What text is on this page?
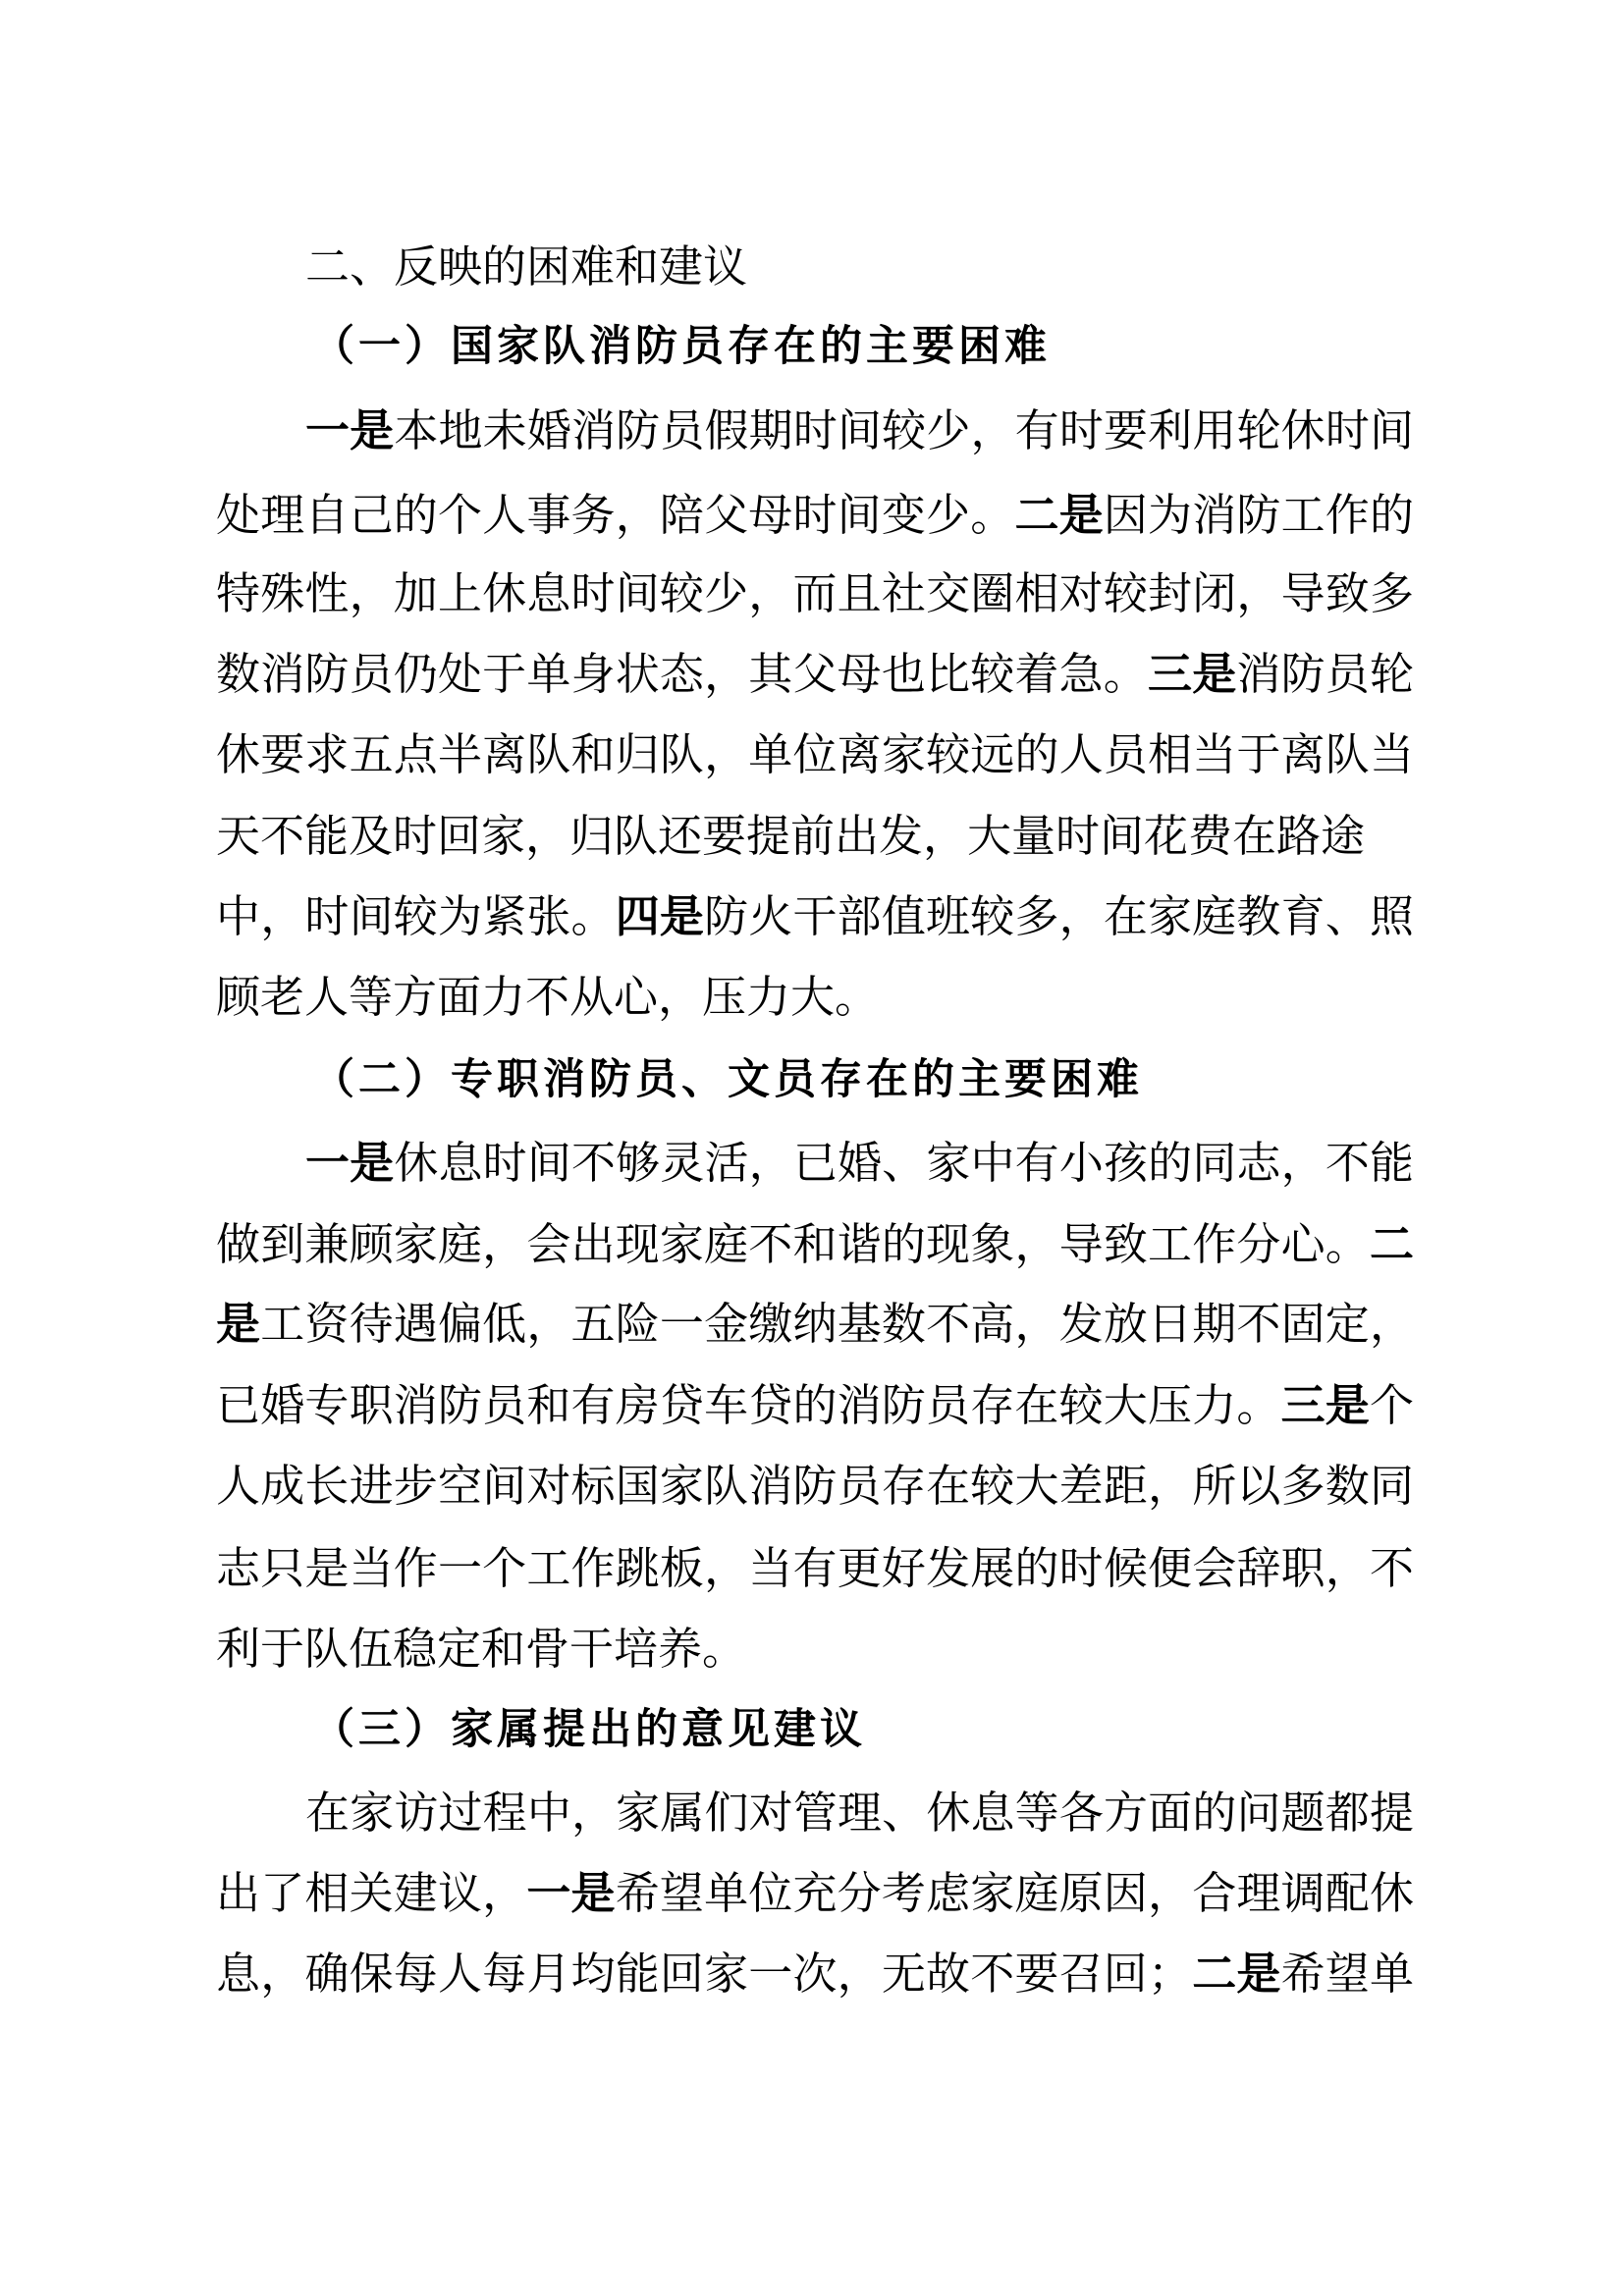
二、反映的困难和建议
（一）国家队消防员存在的主要困难
一是本地未婚消防员假期时间较少，有时要利用轮休时间
处理自己的个人事务，陪父母时间变少。二是因为消防工作的
特殊性，加上休息时间较少，而且社交圈相对较封闭，导致多
数消防员仍处于单身状态，其父母也比较着急。三是消防员轮
休要求五点半离队和归队，单位离家较远的人员相当于离队当
天不能及时回家，归队还要提前出发，大量时间花费在路途
中，时间较为紧张。四是防火干部值班较多，在家庭教育、照
顾老人等方面力不从心，压力大。
（二）专职消防员、文员存在的主要困难
一是休息时间不够灵活，已婚、家中有小孩的同志，不能
做到兼顾家庭，会出现家庭不和谐的现象，导致工作分心。二
是工资待遇偏低，五险一金缴纳基数不高，发放日期不固定，
已婚专职消防员和有房贷车贷的消防员存在较大压力。三是个
人成长进步空间对标国家队消防员存在较大差距，所以多数同
志只是当作一个工作跳板，当有更好发展的时候便会辞职，不
利于队伍稳定和骨干培养。
（三）家属提出的意见建议
在家访过程中，家属们对管理、休息等各方面的问题都提
出了相关建议，一是希望单位充分考虑家庭原因，合理调配休
息，确保每人每月均能回家一次，无故不要召回；二是希望单
